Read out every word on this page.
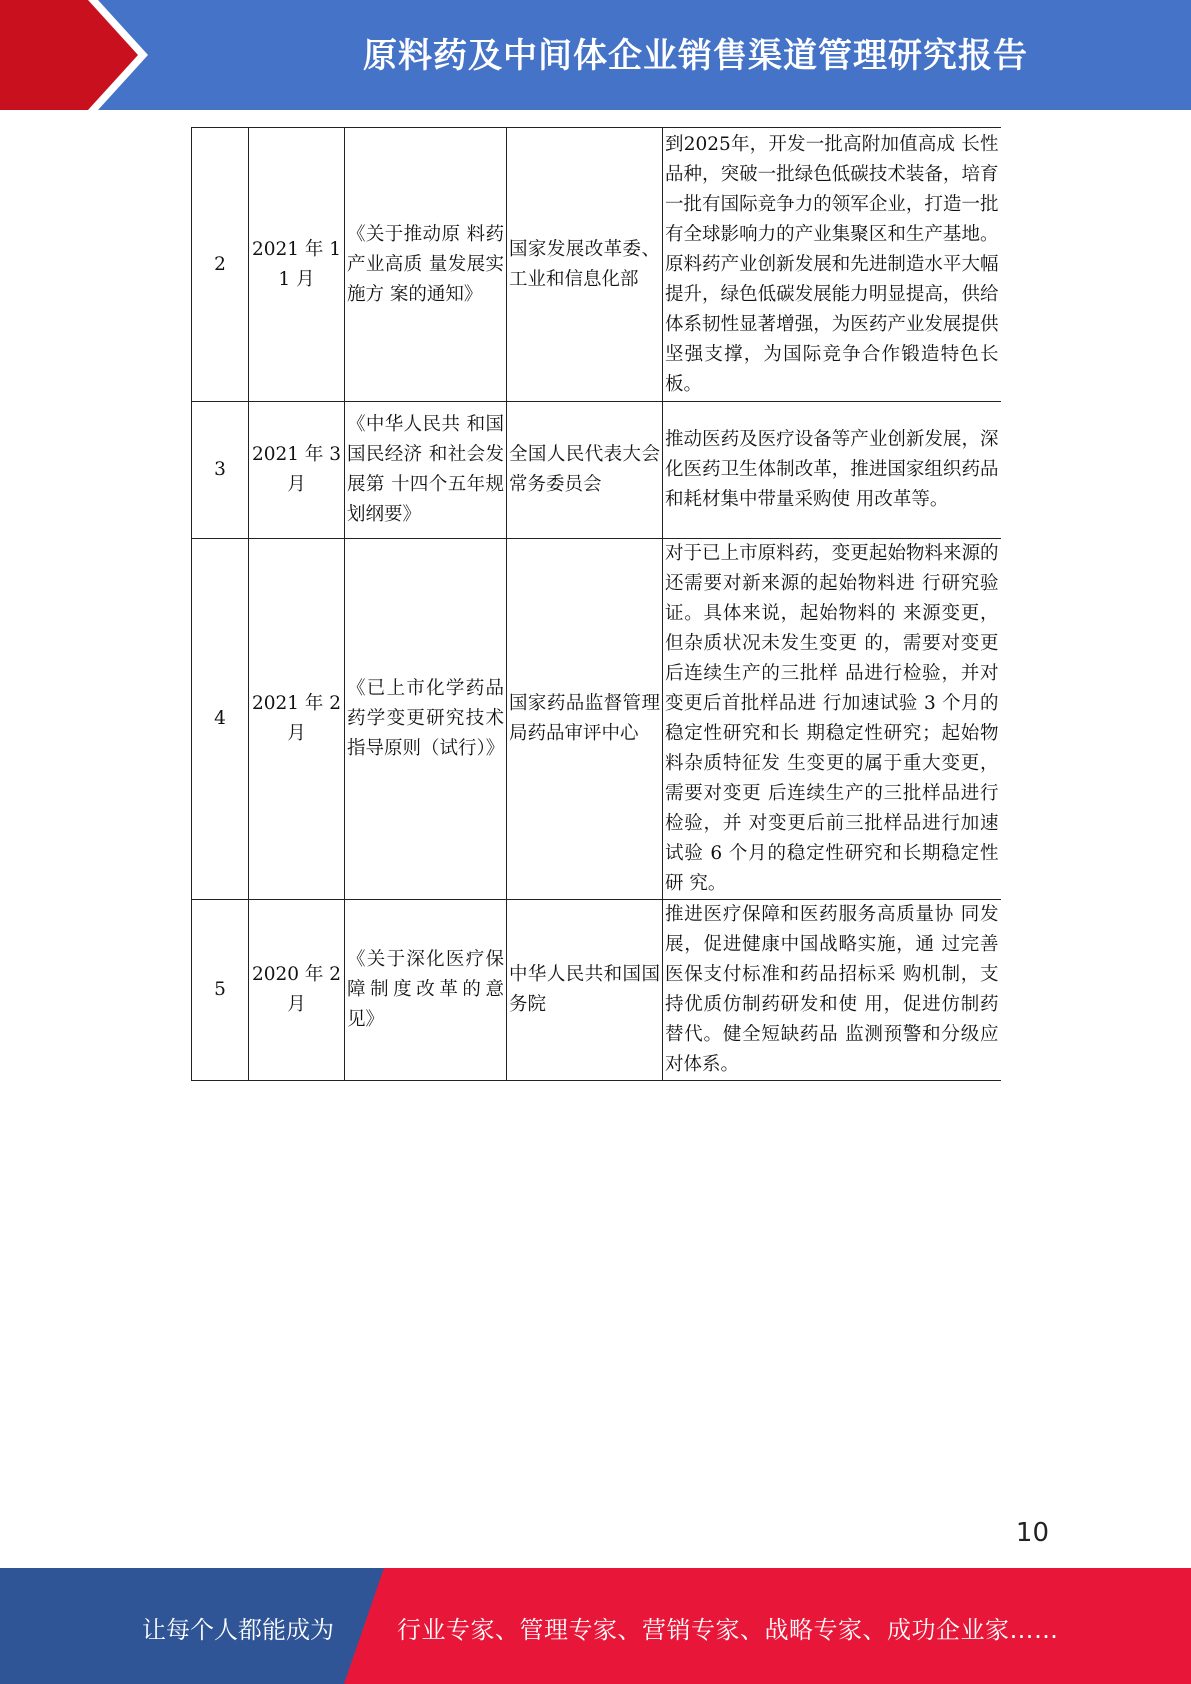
原料药及中间体企业销售渠道管理研究报告
2	2021 年 11 月	《关于推动原 料药产业高质 量发展实施方 案的通知》	国家发展改革委、工业和信息化部	到2025年，开发一批高附加值高成 长性品种，突破一批绿色低碳技术装备，培育一批有国际竞争力的领军企业，打造一批有全球影响力的产业集聚区和生产基地。原料药产业创新发展和先进制造水平大幅提升，绿色低碳发展能力明显提高，供给体系韧性显著增强，为医药产业发展提供坚强支撑，为国际竞争合作锻造特色长 板。
3	2021 年 3 月	《中华人民共 和国国民经济 和社会发展第 十四个五年规 划纲要》	全国人民代表大会常务委员会	推动医药及医疗设备等产业创新发展，深化医药卫生体制改革，推进国家组织药品和耗材集中带量采购使 用改革等。
4	2021 年 2 月	《已上市化学药品药学变更研究技术指导原则（试行）》	国家药品监督管理局药品审评中心	对于已上市原料药，变更起始物料来源的还需要对新来源的起始物料进 行研究验证。具体来说，起始物料的 来源变更，但杂质状况未发生变更 的，需要对变更后连续生产的三批样 品进行检验，并对变更后首批样品进 行加速试验 3 个月的稳定性研究和长 期稳定性研究；起始物料杂质特征发 生变更的属于重大变更，需要对变更 后连续生产的三批样品进行检验，并 对变更后前三批样品进行加速试验 6 个月的稳定性研究和长期稳定性研 究。
5	2020 年 2 月	《关于深化医疗保障制度改革的意见》	中华人民共和国国务院	推进医疗保障和医药服务高质量协 同发展，促进健康中国战略实施，通 过完善医保支付标准和药品招标采 购机制，支持优质仿制药研发和使 用，促进仿制药替代。健全短缺药品 监测预警和分级应对体系。
10
让每个人都能成为	行业专家、管理专家、营销专家、战略专家、成功企业家……
